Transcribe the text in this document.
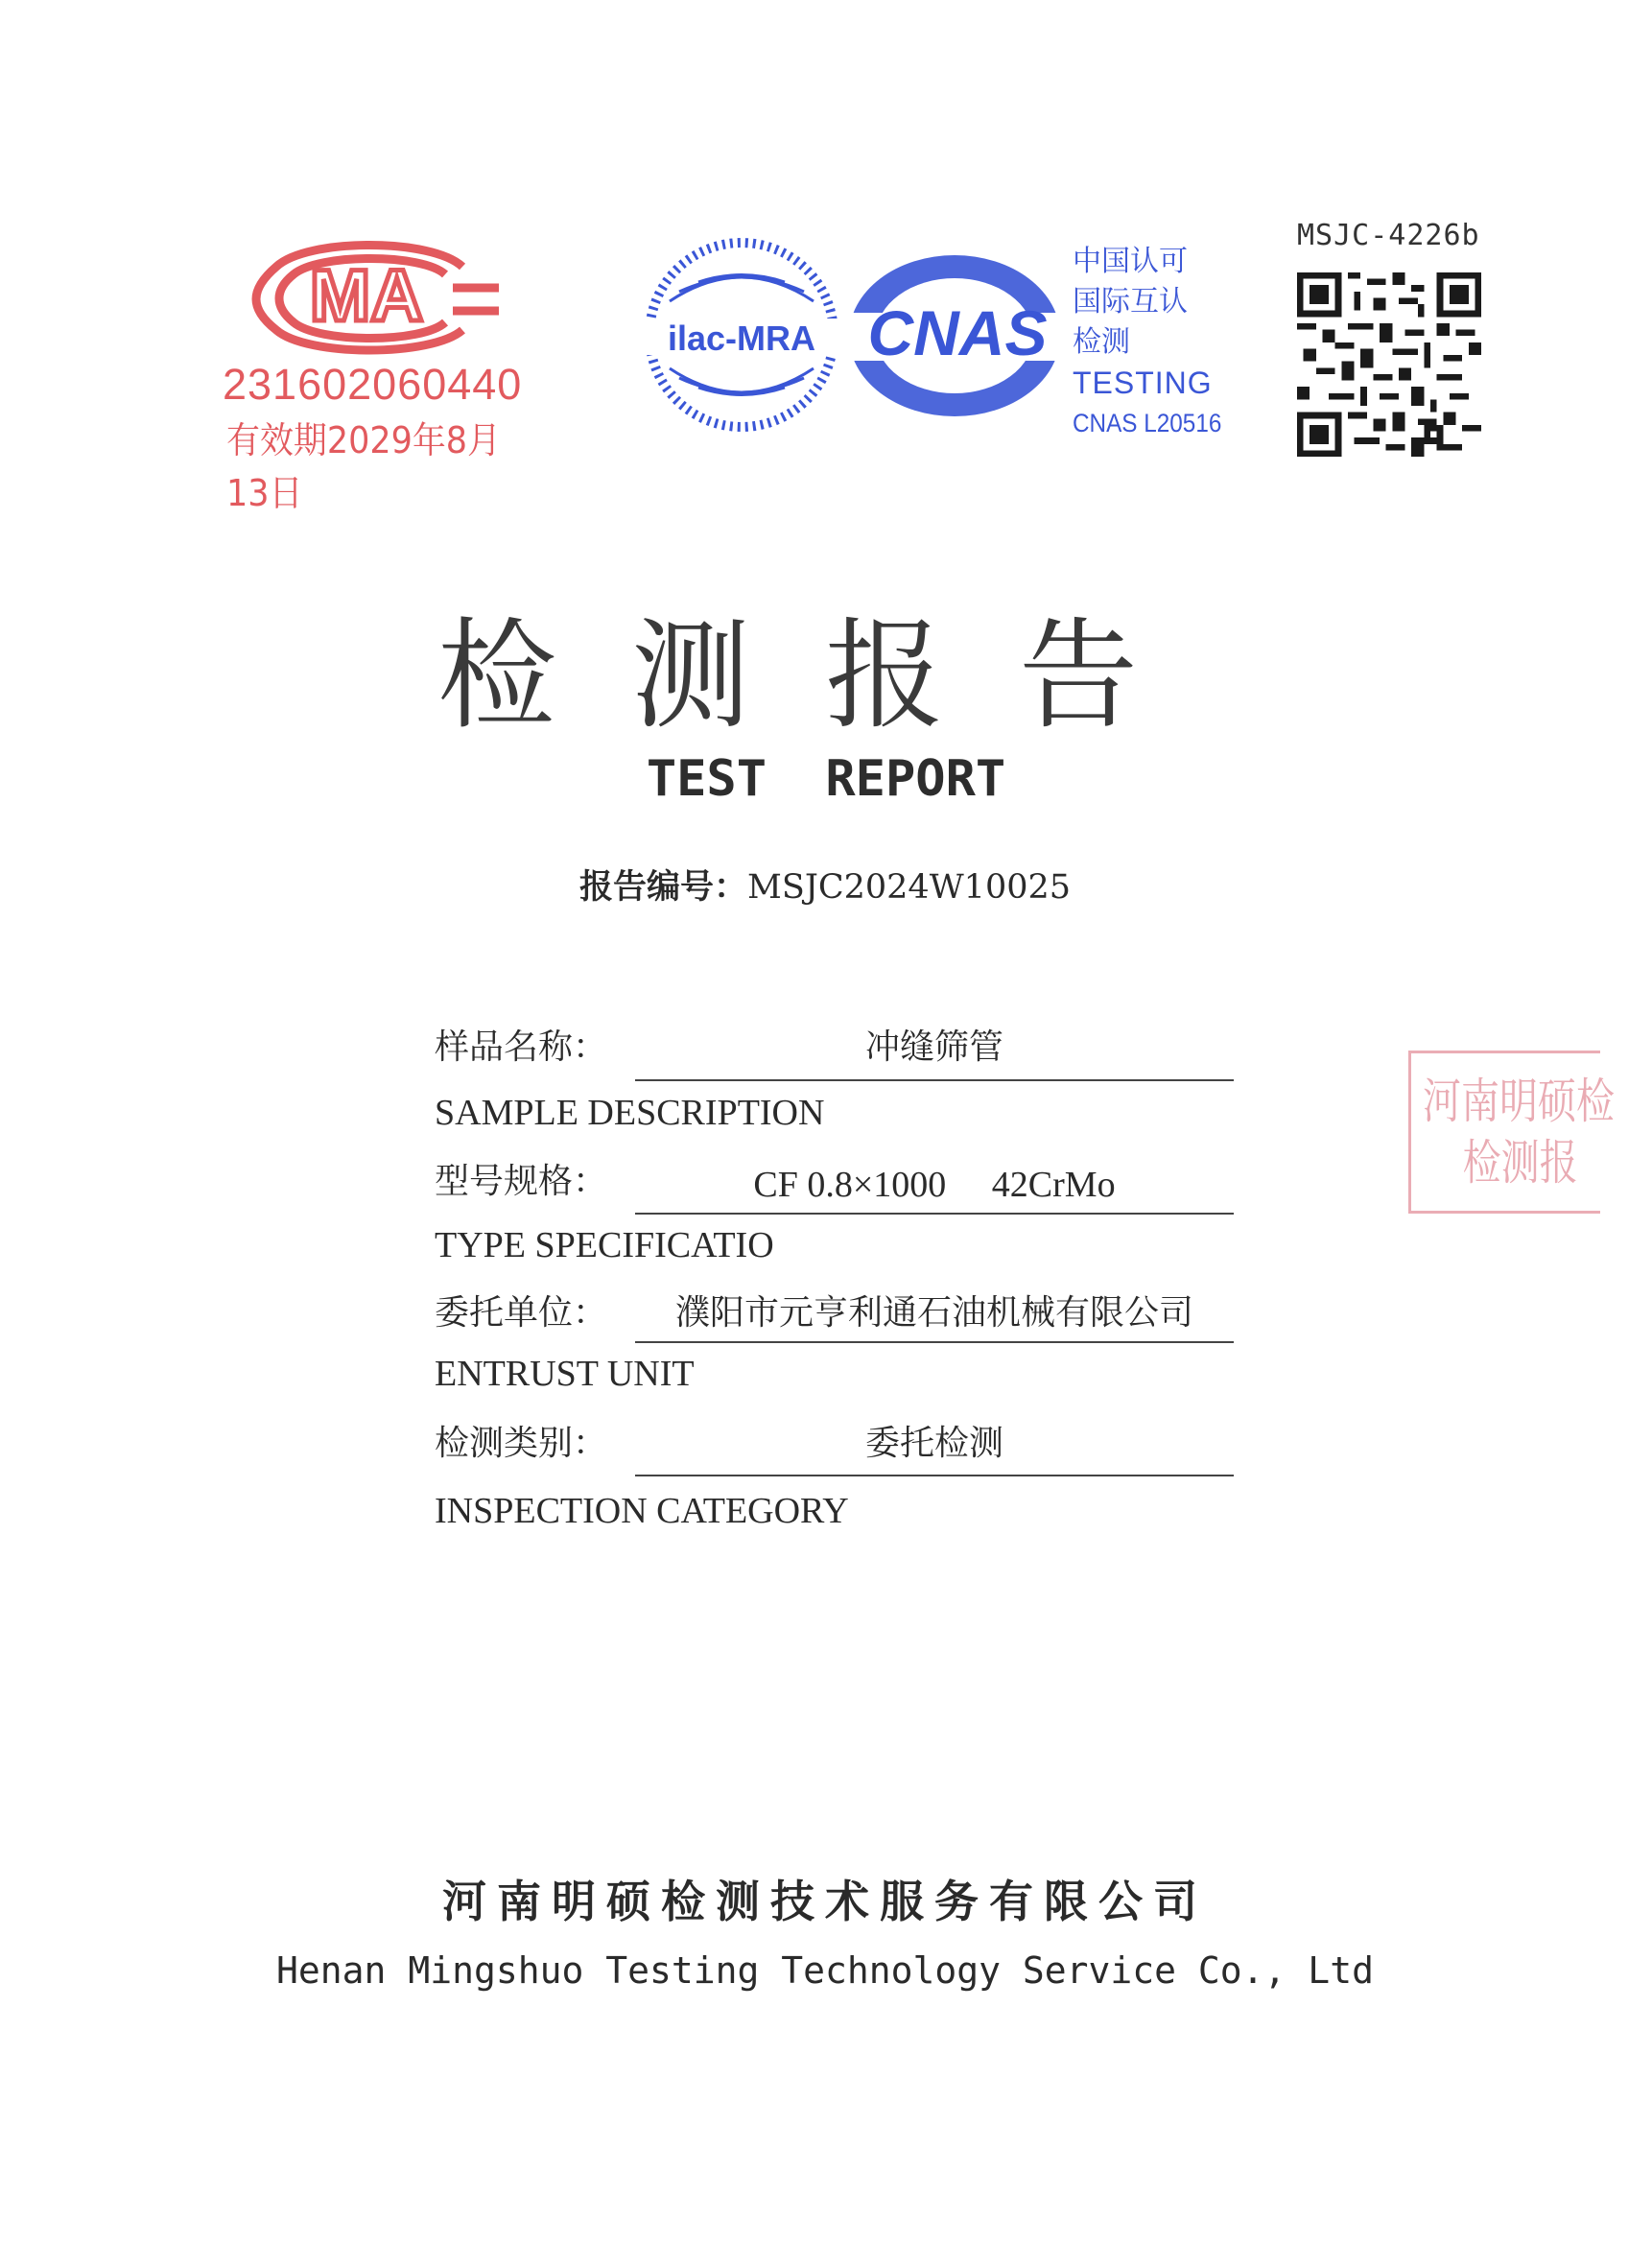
MA
231602060440
有效期2029年8月13日
ilac-MRA CNAS
中国认可
国际互认
检测
TESTING
CNAS L20516
MSJC-4226b
检测报告
TEST REPORT
报告编号：MSJC2024W10025
样品名称：	冲缝筛管
SAMPLE DESCRIPTION
型号规格：	CF 0.8×1000　 42CrMo
TYPE SPECIFICATIO
委托单位：	濮阳市元亨利通石油机械有限公司
ENTRUST UNIT
检测类别：	委托检测
INSPECTION CATEGORY
河南明硕检
检测报
河南明硕检测技术服务有限公司
Henan Mingshuo Testing Technology Service Co., Ltd
